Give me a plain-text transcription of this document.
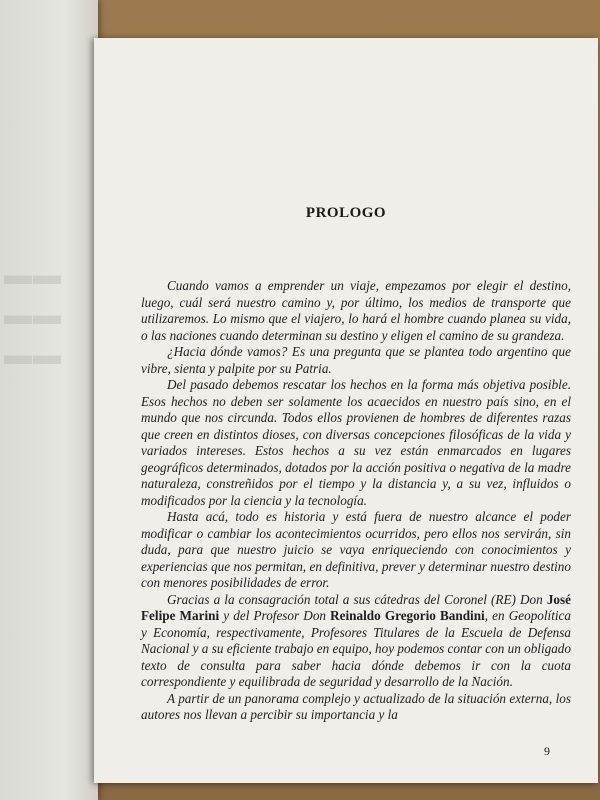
▬▬
▬▬
▬▬
PROLOGO

Cuando vamos a emprender un viaje, empezamos por elegir el destino, luego, cuál será nuestro camino y, por último, los medios de transporte que utilizaremos. Lo mismo que el viajero, lo hará el hombre cuando planea su vida, o las naciones cuando determinan su destino y eligen el camino de su grandeza.

¿Hacia dónde vamos? Es una pregunta que se plantea todo argentino que vibre, sienta y palpite por su Patria.

Del pasado debemos rescatar los hechos en la forma más objetiva posible. Esos hechos no deben ser solamente los acaecidos en nuestro país sino, en el mundo que nos circunda. Todos ellos provienen de hombres de diferentes razas que creen en distintos dioses, con diversas concepciones filosóficas de la vida y variados intereses. Estos hechos a su vez están enmarcados en lugares geográficos determinados, dotados por la acción positiva o negativa de la madre naturaleza, constreñidos por el tiempo y la distancia y, a su vez, influidos o modificados por la ciencia y la tecnología.

Hasta acá, todo es historia y está fuera de nuestro alcance el poder modificar o cambiar los acontecimientos ocurridos, pero ellos nos servirán, sin duda, para que nuestro juicio se vaya enriqueciendo con conocimientos y experiencias que nos permitan, en definitiva, prever y determinar nuestro destino con menores posibilidades de error.

Gracias a la consagración total a sus cátedras del Coronel (RE) Don José Felipe Marini y del Profesor Don Reinaldo Gregorio Bandini, en Geopolítica y Economía, respectivamente, Profesores Titulares de la Escuela de Defensa Nacional y a su eficiente trabajo en equipo, hoy podemos contar con un obligado texto de consulta para saber hacia dónde debemos ir con la cuota correspondiente y equilibrada de seguridad y desarrollo de la Nación.

A partir de un panorama complejo y actualizado de la situación externa, los autores nos llevan a percibir su importancia y la

9
